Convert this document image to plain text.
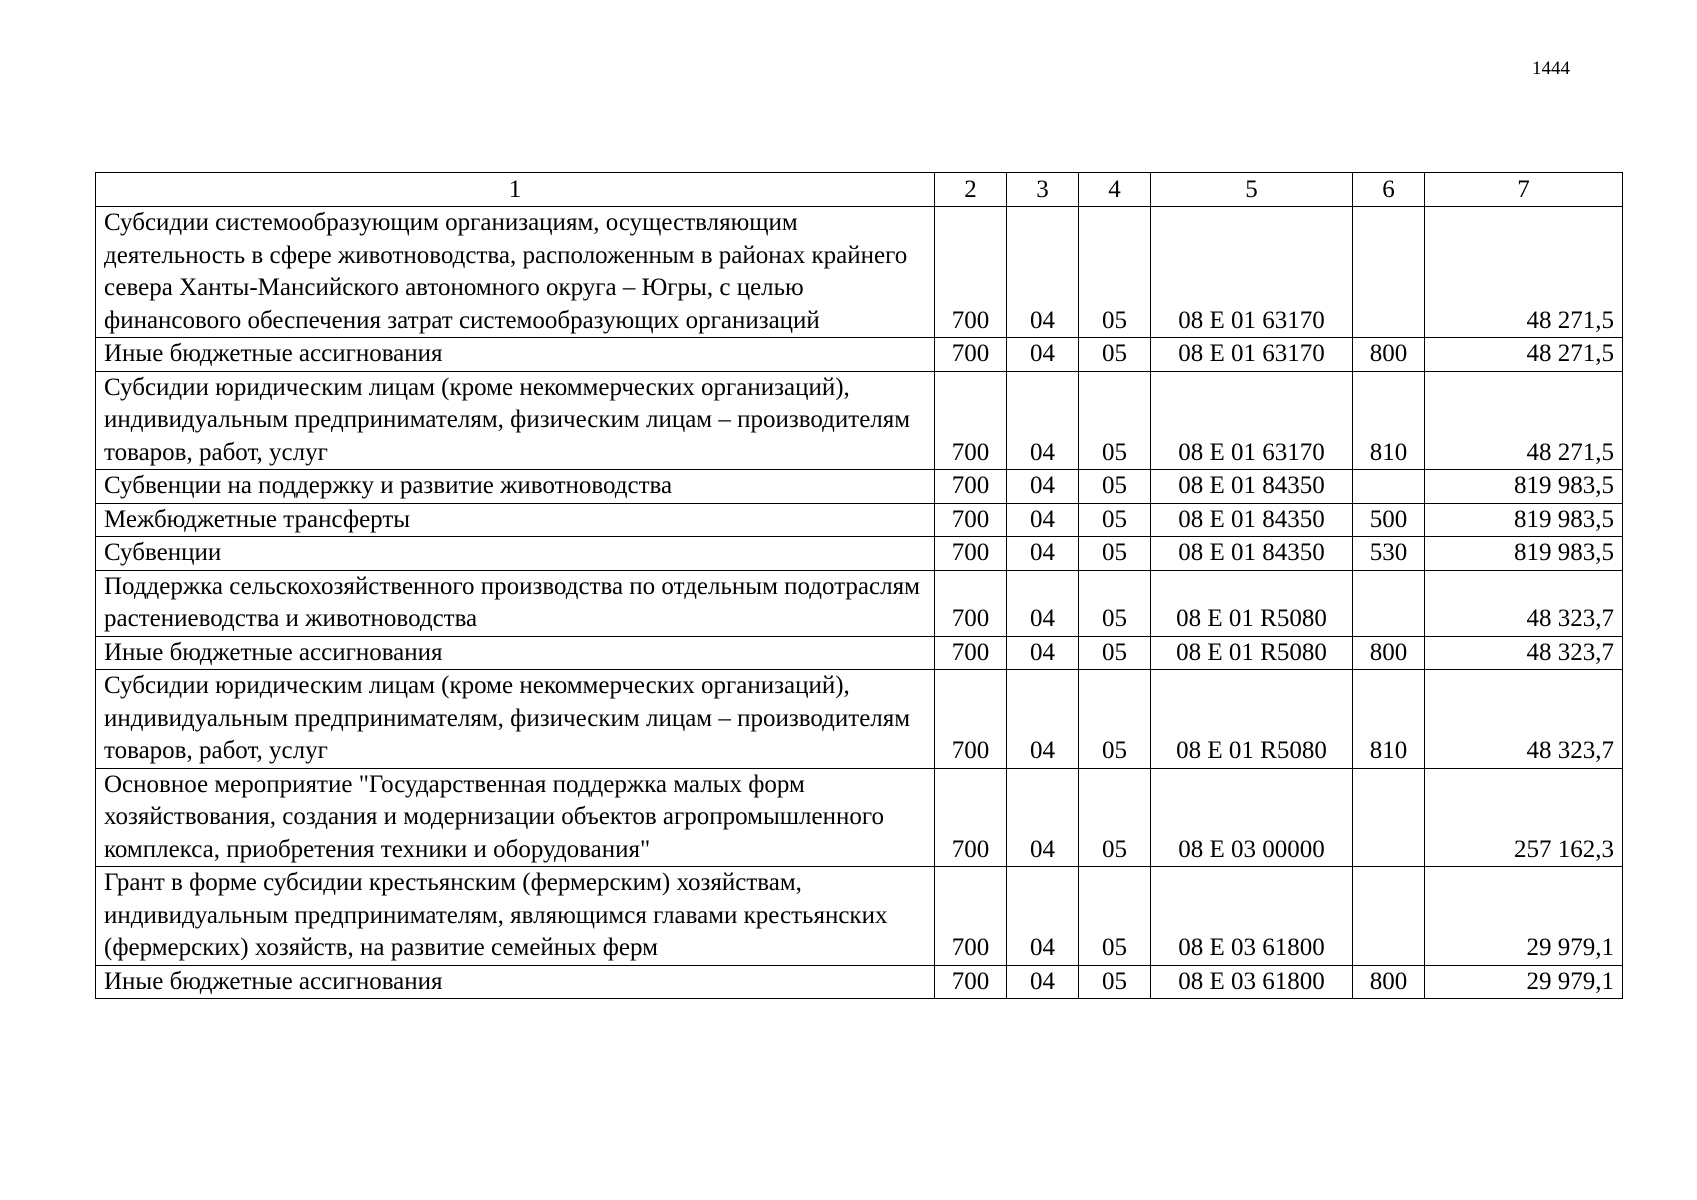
1444
1	2	3	4	5	6	7
Субсидии системообразующим организациям, осуществляющим деятельность в сфере животноводства, расположенным в районах крайнего севера Ханты-Мансийского автономного округа – Югры, с целью финансового обеспечения затрат системообразующих организаций	700	04	05	08 Е 01 63170		48 271,5
Иные бюджетные ассигнования	700	04	05	08 Е 01 63170	800	48 271,5
Субсидии юридическим лицам (кроме некоммерческих организаций), индивидуальным предпринимателям, физическим лицам – производителям товаров, работ, услуг	700	04	05	08 Е 01 63170	810	48 271,5
Субвенции на поддержку и развитие животноводства	700	04	05	08 Е 01 84350		819 983,5
Межбюджетные трансферты	700	04	05	08 Е 01 84350	500	819 983,5
Субвенции	700	04	05	08 Е 01 84350	530	819 983,5
Поддержка сельскохозяйственного производства по отдельным подотраслям растениеводства и животноводства	700	04	05	08 Е 01 R5080		48 323,7
Иные бюджетные ассигнования	700	04	05	08 Е 01 R5080	800	48 323,7
Субсидии юридическим лицам (кроме некоммерческих организаций), индивидуальным предпринимателям, физическим лицам – производителям товаров, работ, услуг	700	04	05	08 Е 01 R5080	810	48 323,7
Основное мероприятие "Государственная поддержка малых форм хозяйствования, создания и модернизации объектов агропромышленного комплекса, приобретения техники и оборудования"	700	04	05	08 Е 03 00000		257 162,3
Грант в форме субсидии крестьянским (фермерским) хозяйствам, индивидуальным предпринимателям, являющимся главами крестьянских (фермерских) хозяйств, на развитие семейных ферм	700	04	05	08 Е 03 61800		29 979,1
Иные бюджетные ассигнования	700	04	05	08 Е 03 61800	800	29 979,1
